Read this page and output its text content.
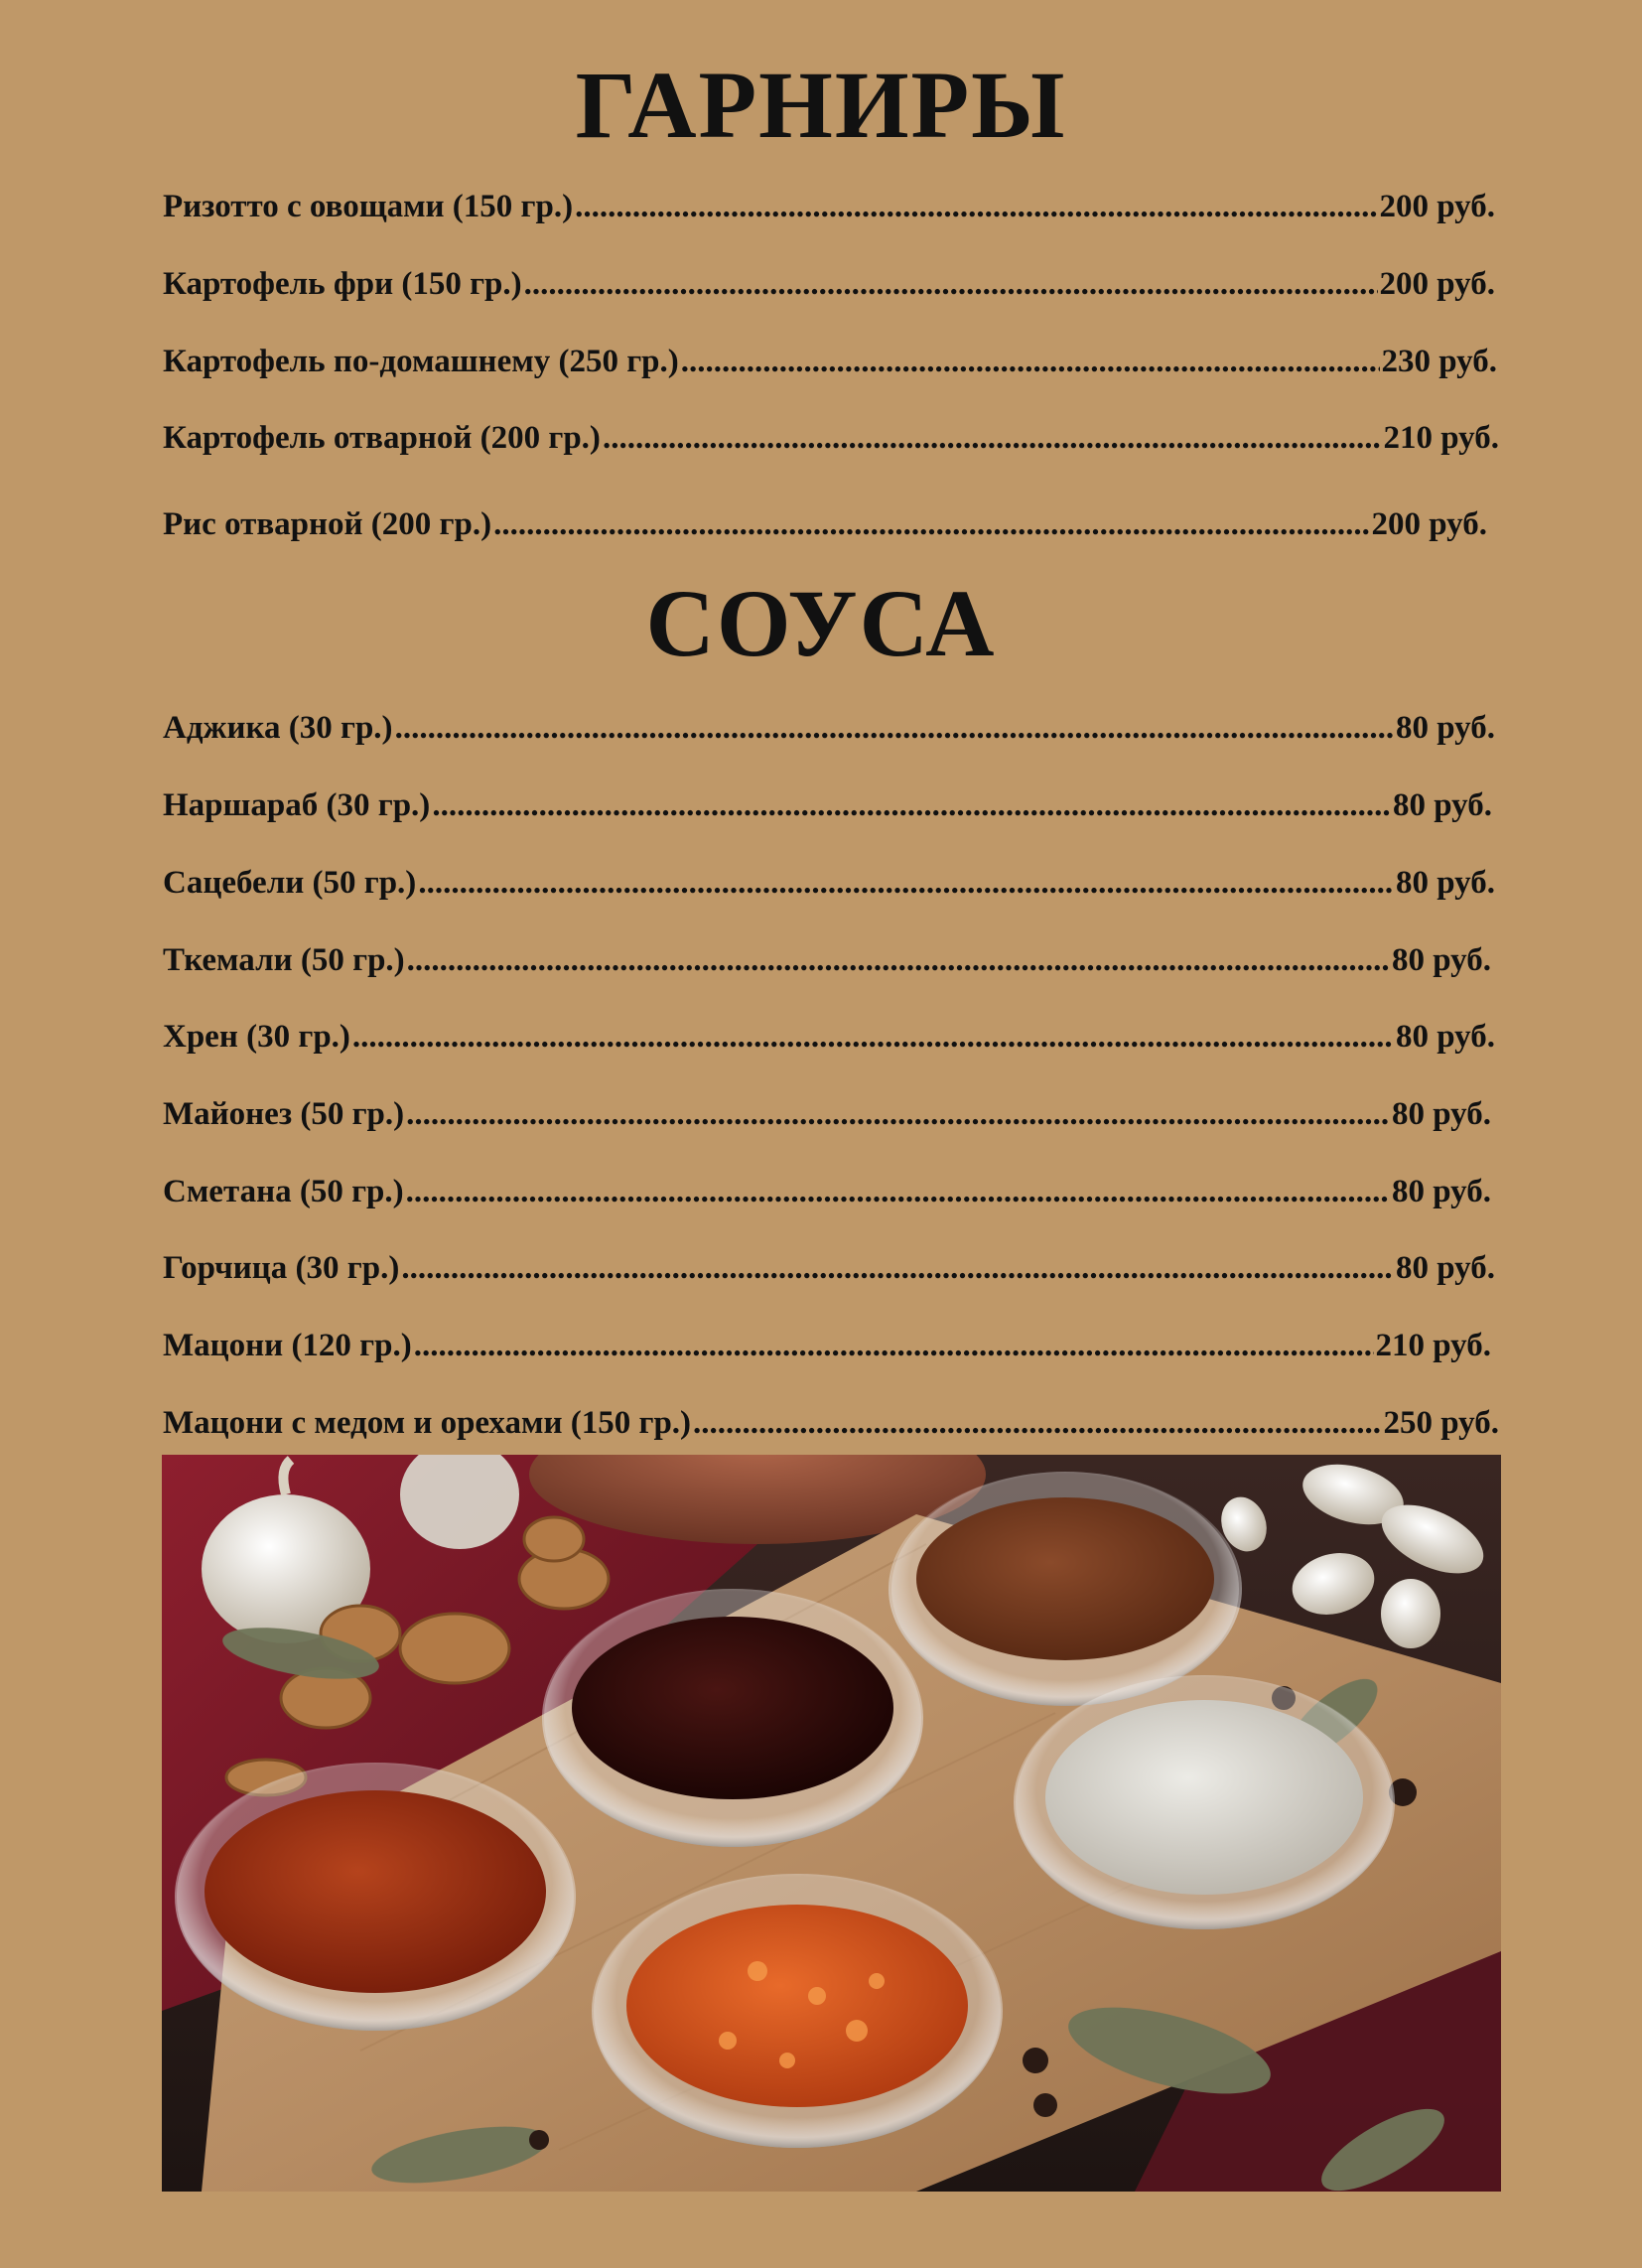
ГАРНИРЫ
Ризотто с овощами (150 гр.) .....	200 руб.
Картофель фри (150 гр.) .....	200 руб.
Картофель по-домашнему (250 гр.) .....	230 руб.
Картофель отварной (200 гр.) .....	210 руб.
Рис отварной (200 гр.) .....	200 руб.
СОУСА
Аджика (30 гр.) .....	80 руб.
Наршараб (30 гр.) .....	80 руб.
Сацебели (50 гр.) .....	80 руб.
Ткемали (50 гр.) .....	80 руб.
Хрен (30 гр.) .....	80 руб.
Майонез (50 гр.) .....	80 руб.
Сметана (50 гр.) .....	80 руб.
Горчица (30 гр.) .....	80 руб.
Мацони (120 гр.) .....	210 руб.
Мацони с медом и орехами (150 гр.) .....	250 руб.
